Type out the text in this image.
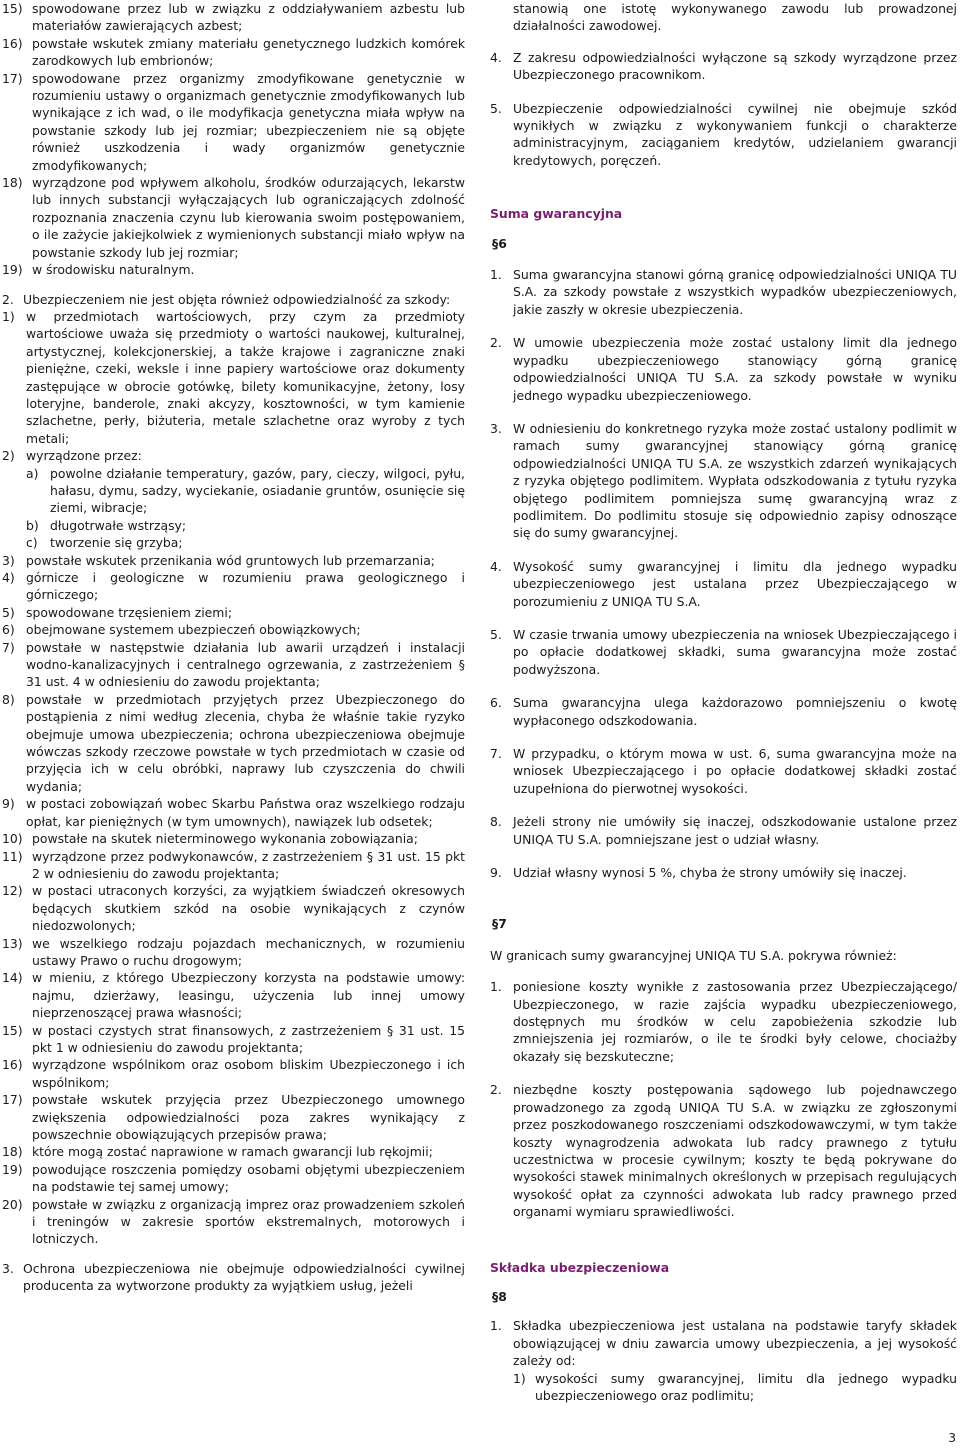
15) spowodowane przez lub w związku z oddziaływaniem azbestu lub materiałów zawierających azbest;
16) powstałe wskutek zmiany materiału genetycznego ludzkich komórek zarodkowych lub embrionów;
17) spowodowane przez organizmy zmodyfikowane genetycznie w rozumieniu ustawy o organizmach genetycznie zmodyfikowanych lub wynikające z ich wad, o ile modyfikacja genetyczna miała wpływ na powstanie szkody lub jej rozmiar; ubezpieczeniem nie są objęte również uszkodzenia i wady organizmów genetycznie zmodyfikowanych;
18) wyrządzone pod wpływem alkoholu, środków odurzających, lekarstw lub innych substancji wyłączających lub ograniczających zdolność rozpoznania znaczenia czynu lub kierowania swoim postępowaniem, o ile zażycie jakiejkolwiek z wymienionych substancji miało wpływ na powstanie szkody lub jej rozmiar;
19) w środowisku naturalnym.
2. Ubezpieczeniem nie jest objęta również odpowiedzialność za szkody:
1) w przedmiotach wartościowych, przy czym za przedmioty wartościowe uważa się przedmioty o wartości naukowej, kulturalnej, artystycznej, kolekcjonerskiej, a także krajowe i zagraniczne znaki pieniężne, czeki, weksle i inne papiery wartościowe oraz dokumenty zastępujące w obrocie gotówkę, bilety komunikacyjne, żetony, losy loteryjne, banderole, znaki akcyzy, kosztowności, w tym kamienie szlachetne, perły, biżuteria, metale szlachetne oraz wyroby z tych metali;
2) wyrządzone przez:
a) powolne działanie temperatury, gazów, pary, cieczy, wilgoci, pyłu, hałasu, dymu, sadzy, wyciekanie, osiadanie gruntów, osunięcie się ziemi, wibracje;
b) długotrwałe wstrząsy;
c) tworzenie się grzyba;
3) powstałe wskutek przenikania wód gruntowych lub przemarzania;
4) górnicze i geologiczne w rozumieniu prawa geologicznego i górniczego;
5) spowodowane trzęsieniem ziemi;
6) obejmowane systemem ubezpieczeń obowiązkowych;
7) powstałe w następstwie działania lub awarii urządzeń i instalacji wodno-kanalizacyjnych i centralnego ogrzewania, z zastrzeżeniem § 31 ust. 4 w odniesieniu do zawodu projektanta;
8) powstałe w przedmiotach przyjętych przez Ubezpieczonego do postąpienia z nimi według zlecenia, chyba że właśnie takie ryzyko obejmuje umowa ubezpieczenia; ochrona ubezpieczeniowa obejmuje wówczas szkody rzeczowe powstałe w tych przedmiotach w czasie od przyjęcia ich w celu obróbki, naprawy lub czyszczenia do chwili wydania;
9) w postaci zobowiązań wobec Skarbu Państwa oraz wszelkiego rodzaju opłat, kar pieniężnych (w tym umownych), nawiązek lub odsetek;
10) powstałe na skutek nieterminowego wykonania zobowiązania;
11) wyrządzone przez podwykonawców, z zastrzeżeniem § 31 ust. 15 pkt 2 w odniesieniu do zawodu projektanta;
12) w postaci utraconych korzyści, za wyjątkiem świadczeń okresowych będących skutkiem szkód na osobie wynikających z czynów niedozwolonych;
13) we wszelkiego rodzaju pojazdach mechanicznych, w rozumieniu ustawy Prawo o ruchu drogowym;
14) w mieniu, z którego Ubezpieczony korzysta na podstawie umowy: najmu, dzierżawy, leasingu, użyczenia lub innej umowy nieprzenoszącej prawa własności;
15) w postaci czystych strat finansowych, z zastrzeżeniem § 31 ust. 15 pkt 1 w odniesieniu do zawodu projektanta;
16) wyrządzone wspólnikom oraz osobom bliskim Ubezpieczonego i ich wspólnikom;
17) powstałe wskutek przyjęcia przez Ubezpieczonego umownego zwiększenia odpowiedzialności poza zakres wynikający z powszechnie obowiązujących przepisów prawa;
18) które mogą zostać naprawione w ramach gwarancji lub rękojmii;
19) powodujące roszczenia pomiędzy osobami objętymi ubezpieczeniem na podstawie tej samej umowy;
20) powstałe w związku z organizacją imprez oraz prowadzeniem szkoleń i treningów w zakresie sportów ekstremalnych, motorowych i lotniczych.
3. Ochrona ubezpieczeniowa nie obejmuje odpowiedzialności cywilnej producenta za wytworzone produkty za wyjątkiem usług, jeżeli

stanowią one istotę wykonywanego zawodu lub prowadzonej działalności zawodowej.

4. Z zakresu odpowiedzialności wyłączone są szkody wyrządzone przez Ubezpieczonego pracownikom.
5. Ubezpieczenie odpowiedzialności cywilnej nie obejmuje szkód wynikłych w związku z wykonywaniem funkcji o charakterze administracyjnym, zaciąganiem kredytów, udzielaniem gwarancji kredytowych, poręczeń.
Suma gwarancyjna
§6
1. Suma gwarancyjna stanowi górną granicę odpowiedzialności UNIQA TU S.A. za szkody powstałe z wszystkich wypadków ubezpieczeniowych, jakie zaszły w okresie ubezpieczenia.
2. W umowie ubezpieczenia może zostać ustalony limit dla jednego wypadku ubezpieczeniowego stanowiący górną granicę odpowiedzialności UNIQA TU S.A. za szkody powstałe w wyniku jednego wypadku ubezpieczeniowego.
3. W odniesieniu do konkretnego ryzyka może zostać ustalony podlimit w ramach sumy gwarancyjnej stanowiący górną granicę odpowiedzialności UNIQA TU S.A. ze wszystkich zdarzeń wynikających z ryzyka objętego podlimitem. Wypłata odszkodowania z tytułu ryzyka objętego podlimitem pomniejsza sumę gwarancyjną wraz z podlimitem. Do podlimitu stosuje się odpowiednio zapisy odnoszące się do sumy gwarancyjnej.
4. Wysokość sumy gwarancyjnej i limitu dla jednego wypadku ubezpieczeniowego jest ustalana przez Ubezpieczającego w porozumieniu z UNIQA TU S.A.
5. W czasie trwania umowy ubezpieczenia na wniosek Ubezpieczającego i po opłacie dodatkowej składki, suma gwarancyjna może zostać podwyższona.
6. Suma gwarancyjna ulega każdorazowo pomniejszeniu o kwotę wypłaconego odszkodowania.
7. W przypadku, o którym mowa w ust. 6, suma gwarancyjna może na wniosek Ubezpieczającego i po opłacie dodatkowej składki zostać uzupełniona do pierwotnej wysokości.
8. Jeżeli strony nie umówiły się inaczej, odszkodowanie ustalone przez UNIQA TU S.A. pomniejszane jest o udział własny.
9. Udział własny wynosi 5 %, chyba że strony umówiły się inaczej.
§7

W granicach sumy gwarancyjnej UNIQA TU S.A. pokrywa również:

1. poniesione koszty wynikłe z zastosowania przez Ubezpieczającego/ Ubezpieczonego, w razie zajścia wypadku ubezpieczeniowego, dostępnych mu środków w celu zapobieżenia szkodzie lub zmniejszenia jej rozmiarów, o ile te środki były celowe, chociażby okazały się bezskuteczne;
2. niezbędne koszty postępowania sądowego lub pojednawczego prowadzonego za zgodą UNIQA TU S.A. w związku ze zgłoszonymi przez poszkodowanego roszczeniami odszkodowawczymi, w tym także koszty wynagrodzenia adwokata lub radcy prawnego z tytułu uczestnictwa w procesie cywilnym; koszty te będą pokrywane do wysokości stawek minimalnych określonych w przepisach regulujących wysokość opłat za czynności adwokata lub radcy prawnego przed organami wymiaru sprawiedliwości.
Składka ubezpieczeniowa
§8
1. Składka ubezpieczeniowa jest ustalana na podstawie taryfy składek obowiązującej w dniu zawarcia umowy ubezpieczenia, a jej wysokość zależy od:
1) wysokości sumy gwarancyjnej, limitu dla jednego wypadku ubezpieczeniowego oraz podlimitu;
3
